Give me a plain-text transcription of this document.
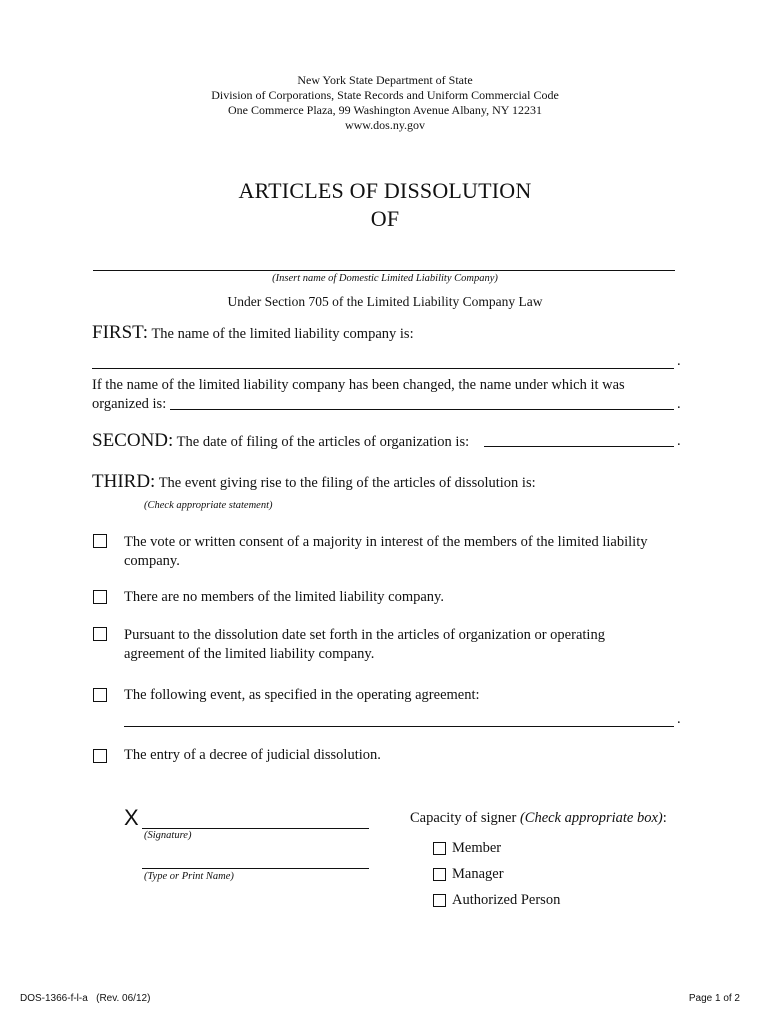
New York State Department of State
Division of Corporations, State Records and Uniform Commercial Code
One Commerce Plaza, 99 Washington Avenue Albany, NY 12231
www.dos.ny.gov
ARTICLES OF DISSOLUTION
OF
(Insert name of Domestic Limited Liability Company)
Under Section 705 of the Limited Liability Company Law
FIRST: The name of the limited liability company is:
.
If the name of the limited liability company has been changed, the name under which it was
organized is:	.
SECOND: The date of filing of the articles of organization is:	.
THIRD: The event giving rise to the filing of the articles of dissolution is:
(Check appropriate statement)
The vote or written consent of a majority in interest of the members of the limited liability
company.
There are no members of the limited liability company.
Pursuant to the dissolution date set forth in the articles of organization or operating
agreement of the limited liability company.
The following event, as specified in the operating agreement:
.
The entry of a decree of judicial dissolution.
X
(Signature)
(Type or Print Name)
Capacity of signer (Check appropriate box):
Member
Manager
Authorized Person
DOS-1366-f-l-a   (Rev. 06/12)	Page 1 of 2
